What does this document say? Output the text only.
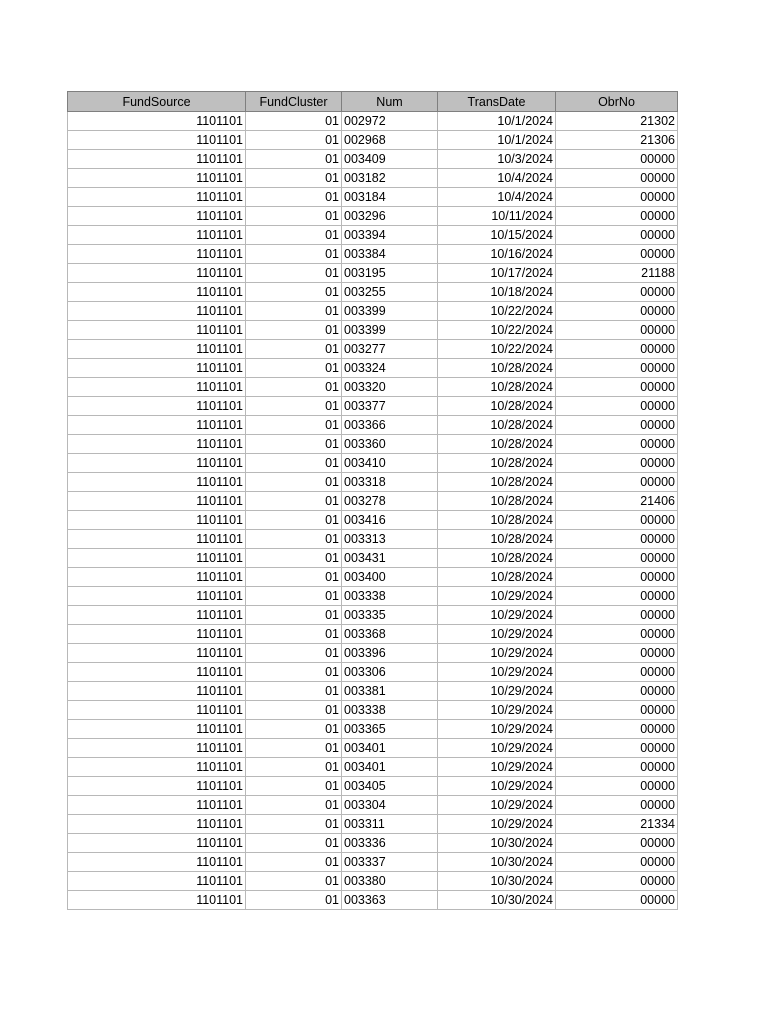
FundSource	FundCluster	Num	TransDate	ObrNo
1101101	01	002972	10/1/2024	21302
1101101	01	002968	10/1/2024	21306
1101101	01	003409	10/3/2024	00000
1101101	01	003182	10/4/2024	00000
1101101	01	003184	10/4/2024	00000
1101101	01	003296	10/11/2024	00000
1101101	01	003394	10/15/2024	00000
1101101	01	003384	10/16/2024	00000
1101101	01	003195	10/17/2024	21188
1101101	01	003255	10/18/2024	00000
1101101	01	003399	10/22/2024	00000
1101101	01	003399	10/22/2024	00000
1101101	01	003277	10/22/2024	00000
1101101	01	003324	10/28/2024	00000
1101101	01	003320	10/28/2024	00000
1101101	01	003377	10/28/2024	00000
1101101	01	003366	10/28/2024	00000
1101101	01	003360	10/28/2024	00000
1101101	01	003410	10/28/2024	00000
1101101	01	003318	10/28/2024	00000
1101101	01	003278	10/28/2024	21406
1101101	01	003416	10/28/2024	00000
1101101	01	003313	10/28/2024	00000
1101101	01	003431	10/28/2024	00000
1101101	01	003400	10/28/2024	00000
1101101	01	003338	10/29/2024	00000
1101101	01	003335	10/29/2024	00000
1101101	01	003368	10/29/2024	00000
1101101	01	003396	10/29/2024	00000
1101101	01	003306	10/29/2024	00000
1101101	01	003381	10/29/2024	00000
1101101	01	003338	10/29/2024	00000
1101101	01	003365	10/29/2024	00000
1101101	01	003401	10/29/2024	00000
1101101	01	003401	10/29/2024	00000
1101101	01	003405	10/29/2024	00000
1101101	01	003304	10/29/2024	00000
1101101	01	003311	10/29/2024	21334
1101101	01	003336	10/30/2024	00000
1101101	01	003337	10/30/2024	00000
1101101	01	003380	10/30/2024	00000
1101101	01	003363	10/30/2024	00000
